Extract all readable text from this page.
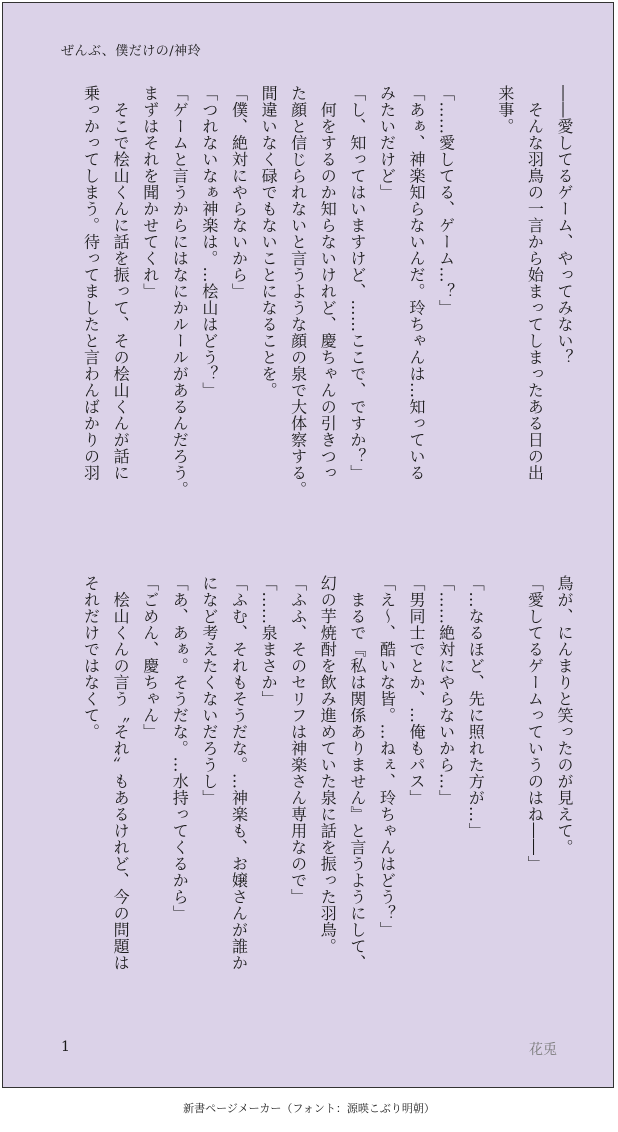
ぜんぶ、僕だけの/神玲
――愛してるゲーム、やってみない？
　そんな羽鳥の一言から始まってしまったある日の出
来事。
「……愛してる、ゲーム…？」
「あぁ、神楽知らないんだ。玲ちゃんは…知っている
みたいだけど」
「し、知ってはいますけど、……ここで、ですか？」
　何をするのか知らないけれど、慶ちゃんの引きつっ
た顔と信じられないと言うような顔の泉で大体察する。
間違いなく碌でもないことになることを。
「僕、絶対にやらないから」
「つれないなぁ神楽は。…桧山はどう？」
「ゲームと言うからにはなにかルールがあるんだろう。
まずはそれを聞かせてくれ」
　そこで桧山くんに話を振って、その桧山くんが話に
乗っかってしまう。待ってましたと言わんばかりの羽
鳥が、にんまりと笑ったのが見えて。
「愛してるゲームっていうのはね――」
「…なるほど、先に照れた方が…」
「……絶対にやらないから…」
「男同士でとか、…俺もパス」
「え〜、酷いな皆。…ねぇ、玲ちゃんはどう？」
　まるで『私は関係ありません』と言うようにして、
幻の芋焼酎を飲み進めていた泉に話を振った羽鳥。
「ふふ、そのセリフは神楽さん専用なので」
「……泉まさか」
「ふむ、それもそうだな。…神楽も、お嬢さんが誰か
になど考えたくないだろうし」
「あ、あぁ。そうだな。…水持ってくるから」
「ごめん、慶ちゃん」
　桧山くんの言う〝それ〟もあるけれど、今の問題は
それだけではなくて。
1	花兎
新書ページメーカー（フォント：源暎こぶり明朝）
